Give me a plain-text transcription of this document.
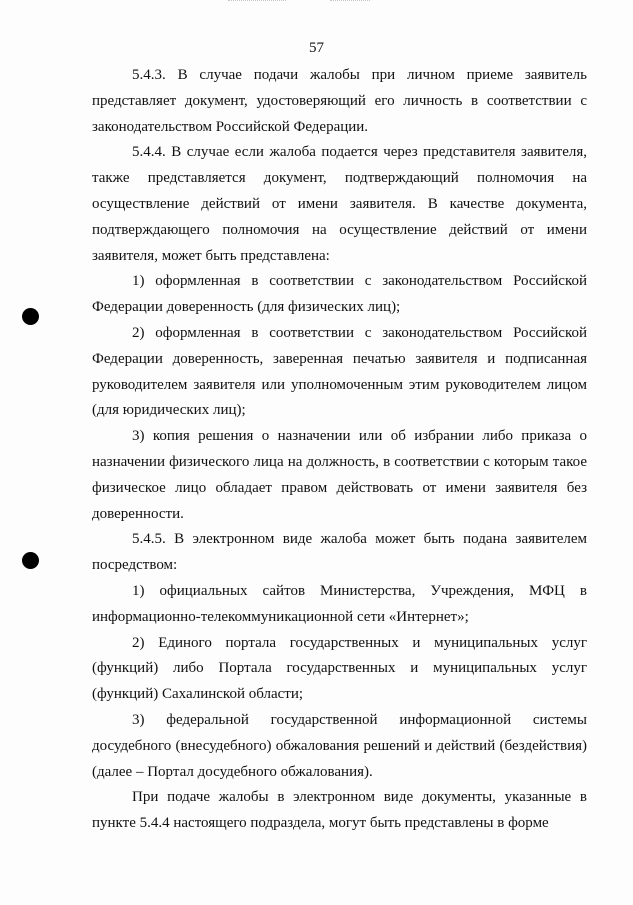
57

5.4.3. В случае подачи жалобы при личном приеме заявитель представляет документ, удостоверяющий его личность в соответствии с законодательством Российской Федерации.

5.4.4. В случае если жалоба подается через представителя заявителя, также представляется документ, подтверждающий полномочия на осуществление действий от имени заявителя. В качестве документа, подтверждающего полномочия на осуществление действий от имени заявителя, может быть представлена:

1) оформленная в соответствии с законодательством Российской Федерации доверенность (для физических лиц);

2) оформленная в соответствии с законодательством Российской Федерации доверенность, заверенная печатью заявителя и подписанная руководителем заявителя или уполномоченным этим руководителем лицом (для юридических лиц);

3) копия решения о назначении или об избрании либо приказа о назначении физического лица на должность, в соответствии с которым такое физическое лицо обладает правом действовать от имени заявителя без доверенности.

5.4.5. В электронном виде жалоба может быть подана заявителем посредством:

1) официальных сайтов Министерства, Учреждения, МФЦ в информационно-телекоммуникационной сети «Интернет»;

2) Единого портала государственных и муниципальных услуг (функций) либо Портала государственных и муниципальных услуг (функций) Сахалинской области;

3) федеральной государственной информационной системы досудебного (внесудебного) обжалования решений и действий (бездействия) (далее – Портал досудебного обжалования).

При подаче жалобы в электронном виде документы, указанные в пункте 5.4.4 настоящего подраздела, могут быть представлены в форме
